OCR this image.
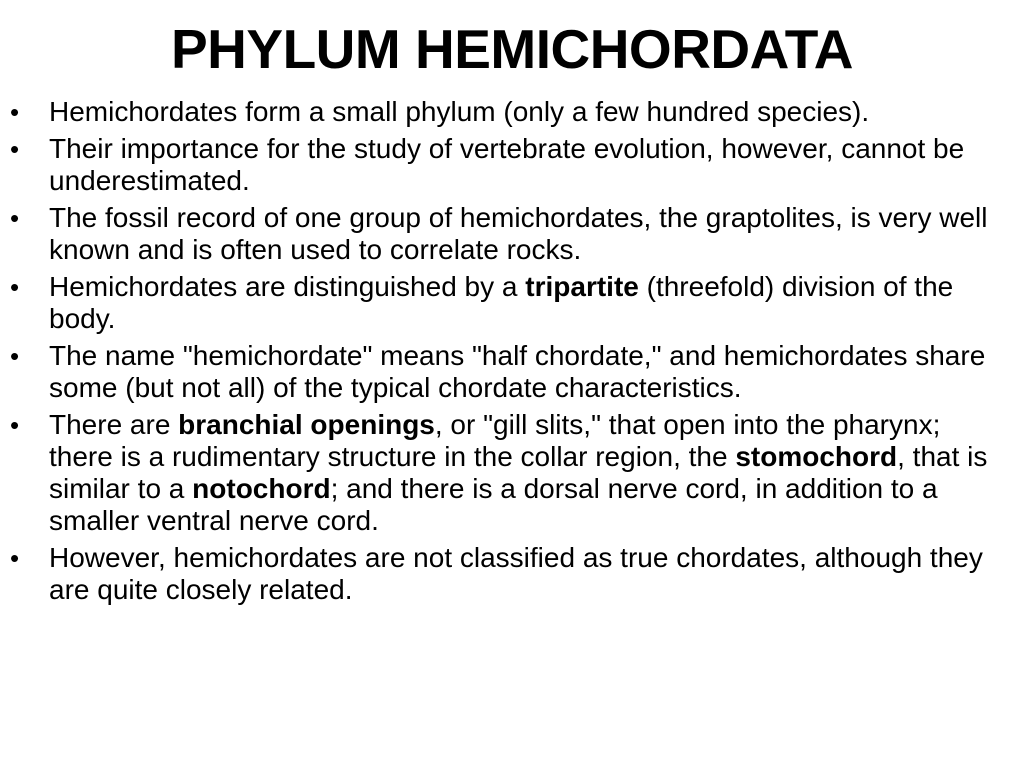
PHYLUM HEMICHORDATA
•	Hemichordates form a small phylum (only a few hundred species).
•	Their importance for the study of vertebrate evolution, however, cannot be underestimated.
•	The fossil record of one group of hemichordates, the graptolites, is very well known and is often used to correlate rocks.
•	Hemichordates are distinguished by a tripartite (threefold) division of the body.
•	The name "hemichordate" means "half chordate," and hemichordates share some (but not all) of the typical chordate characteristics.
•	There are branchial openings, or "gill slits," that open into the pharynx; there is a rudimentary structure in the collar region, the stomochord, that is similar to a notochord; and there is a dorsal nerve cord, in addition to a smaller ventral nerve cord.
•	However, hemichordates are not classified as true chordates, although they are quite closely related.
